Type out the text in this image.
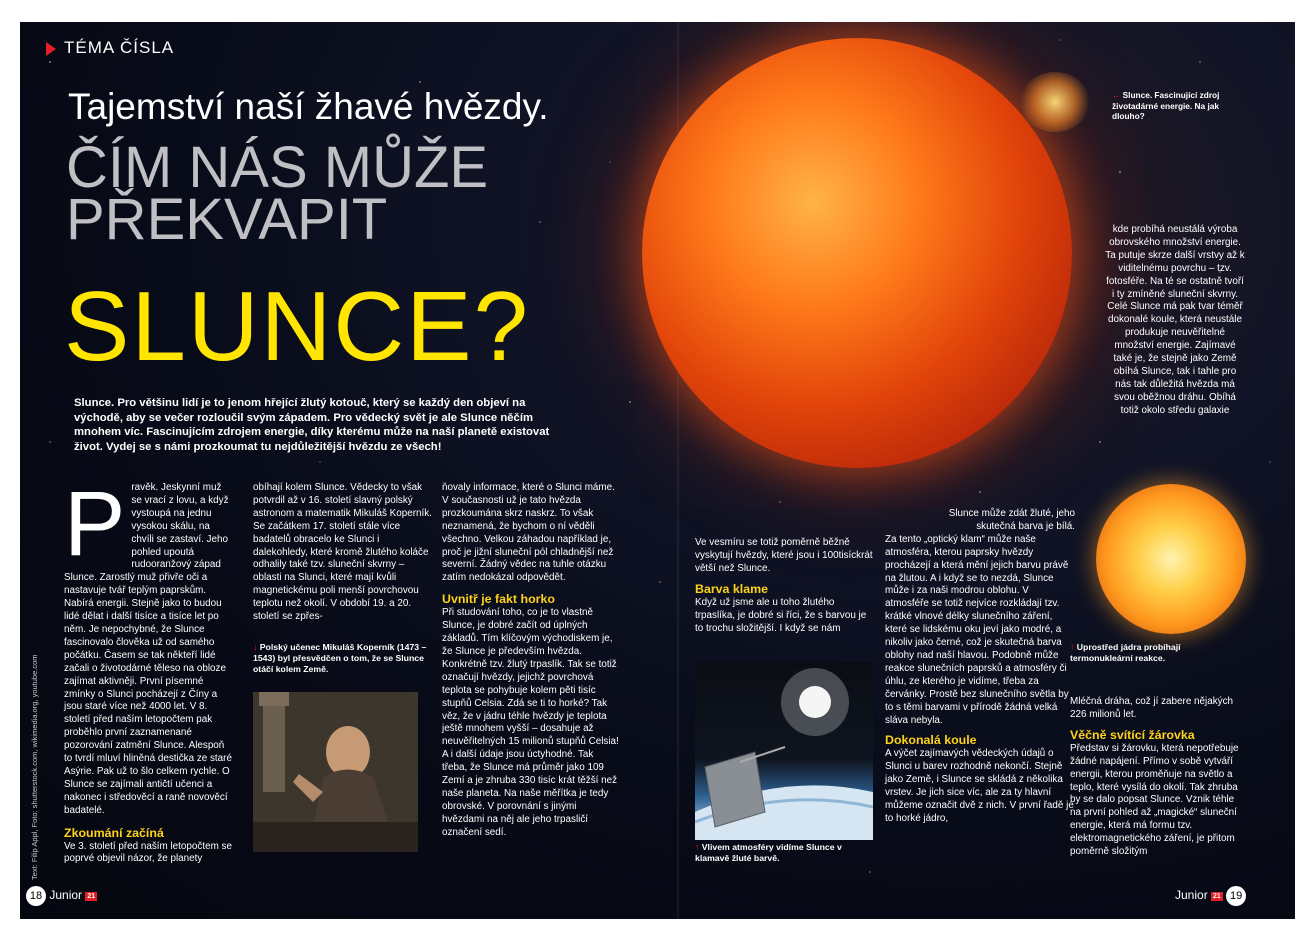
TÉMA ČÍSLA
Tajemství naší žhavé hvězdy.
ČÍM NÁS MŮŽE
PŘEKVAPIT
SLUNCE?
Slunce. Pro většinu lidí je to jenom hřející žlutý kotouč, který se každý den objeví na východě, aby se večer rozloučil svým západem. Pro vědecký svět je ale Slunce něčím mnohem víc. Fascinujícím zdrojem energie, díky kterému může na naší planetě existovat život. Vydej se s námi prozkoumat tu nejdůležitější hvězdu ze všech!
P ravěk. Jeskynní muž se vrací z lovu, a když vystoupá na jednu vysokou skálu, na chvíli se zastaví. Jeho pohled upoutá rudooranžový západ Slunce. Zarostlý muž přivře oči a nastavuje tvář teplým paprskům. Nabírá energii. Stejně jako to budou lidé dělat i další tisíce a tisíce let po něm. Je nepochybné, že Slunce fascinovalo člověka už od samého počátku. Časem se tak někteří lidé začali o životodárné těleso na obloze zajímat aktivněji. První písemné zmínky o Slunci pocházejí z Číny a jsou staré více než 4000 let. V 8. století před naším letopočtem pak proběhlo první zaznamenané pozorování zatmění Slunce. Alespoň to tvrdí mluví hliněná destička ze staré Asýrie. Pak už to šlo celkem rychle. O Slunce se zajímali antičtí učenci a nakonec i středověcí a raně novověcí badatelé.

Zkoumání začíná

Ve 3. století před naším letopočtem se poprvé objevil názor, že planety

obíhají kolem Slunce. Vědecky to však potvrdil až v 16. století slavný polský astronom a matematik Mikuláš Koperník. Se začátkem 17. století stále více badatelů obracelo ke Slunci i dalekohledy, které kromě žlutého koláče odhalily také tzv. sluneční skvrny – oblasti na Slunci, které mají kvůli magnetickému poli menší povrchovou teplotu než okolí. V období 19. a 20. století se zpřes-

↓ Polský učenec Mikuláš Koperník (1473 – 1543) byl přesvědčen o tom, že se Slunce otáčí kolem Země.

ňovaly informace, které o Slunci máme. V současnosti už je tato hvězda prozkoumána skrz naskrz. To však neznamená, že bychom o ní věděli všechno. Velkou záhadou například je, proč je jižní sluneční pól chladnější než severní. Žádný vědec na tuhle otázku zatím nedokázal odpovědět.

Uvnitř je fakt horko

Při studování toho, co je to vlastně Slunce, je dobré začít od úplných základů. Tím klíčovým východiskem je, že Slunce je především hvězda. Konkrétně tzv. žlutý trpaslík. Tak se totiž označují hvězdy, jejichž povrchová teplota se pohybuje kolem pěti tisíc stupňů Celsia. Zdá se ti to horké? Tak věz, že v jádru téhle hvězdy je teplota ještě mnohem vyšší – dosahuje až neuvěřitelných 15 milionů stupňů Celsia! A i další údaje jsou úctyhodné. Tak třeba, že Slunce má průměr jako 109 Zemí a je zhruba 330 tisíc krát těžší než naše planeta. Na naše měřítka je tedy obrovské. V porovnání s jinými hvězdami na něj ale jeho trpasličí označení sedí.

Ve vesmíru se totiž poměrně běžně vyskytují hvězdy, které jsou i 100tisíckrát větší než Slunce.

Barva klame

Když už jsme ale u toho žlutého trpaslíka, je dobré si říci, že s barvou je to trochu složitější. I když se nám

↑ Vlivem atmosféry vidíme Slunce v klamavě žluté barvě.

Slunce může zdát žluté, jeho skutečná barva je bílá.

Za tento „optický klam“ může naše atmosféra, kterou paprsky hvězdy procházejí a která mění jejich barvu právě na žlutou. A i když se to nezdá, Slunce může i za naši modrou oblohu. V atmosféře se totiž nejvíce rozkládají tzv. krátké vlnové délky slunečního záření, které se lidskému oku jeví jako modré, a nikoliv jako černé, což je skutečná barva oblohy nad naší hlavou. Podobně může reakce slunečních paprsků a atmosféry či úhlu, ze kterého je vidíme, třeba za červánky. Prostě bez slunečního světla by to s těmi barvami v přírodě žádná velká sláva nebyla.

Dokonalá koule

A výčet zajímavých vědeckých údajů o Slunci u barev rozhodně nekončí. Stejně jako Země, i Slunce se skládá z několika vrstev. Je jich sice víc, ale za ty hlavní můžeme označit dvě z nich. V první řadě je to horké jádro,

← Slunce. Fascinující zdroj životadárné energie. Na jak dlouho?

kde probíhá neustálá výroba obrovského množství energie. Ta putuje skrze další vrstvy až k viditelnému povrchu – tzv. fotosféře. Na té se ostatně tvoří i ty zmíněné sluneční skvrny. Celé Slunce má pak tvar téměř dokonalé koule, která neustále produkuje neuvěřitelné množství energie. Zajímavé také je, že stejně jako Země obíhá Slunce, tak i tahle pro nás tak důležitá hvězda má svou oběžnou dráhu. Obíhá totiž okolo středu galaxie

↑ Uprostřed jádra probíhají termonukleární reakce.

Mléčná dráha, což jí zabere nějakých 226 milionů let.

Věčně svítící žárovka

Představ si žárovku, která nepotřebuje žádné napájení. Přímo v sobě vytváří energii, kterou proměňuje na světlo a teplo, které vysílá do okolí. Tak zhruba by se dalo popsat Slunce. Vznik téhle na první pohled až „magické“ sluneční energie, která má formu tzv. elektromagnetického záření, je přitom poměrně složitým

18 Junior 21	Junior 21 19
Text: Filip Appl, Foto: shutterstock.com, wikimedia.org, youtube.com
